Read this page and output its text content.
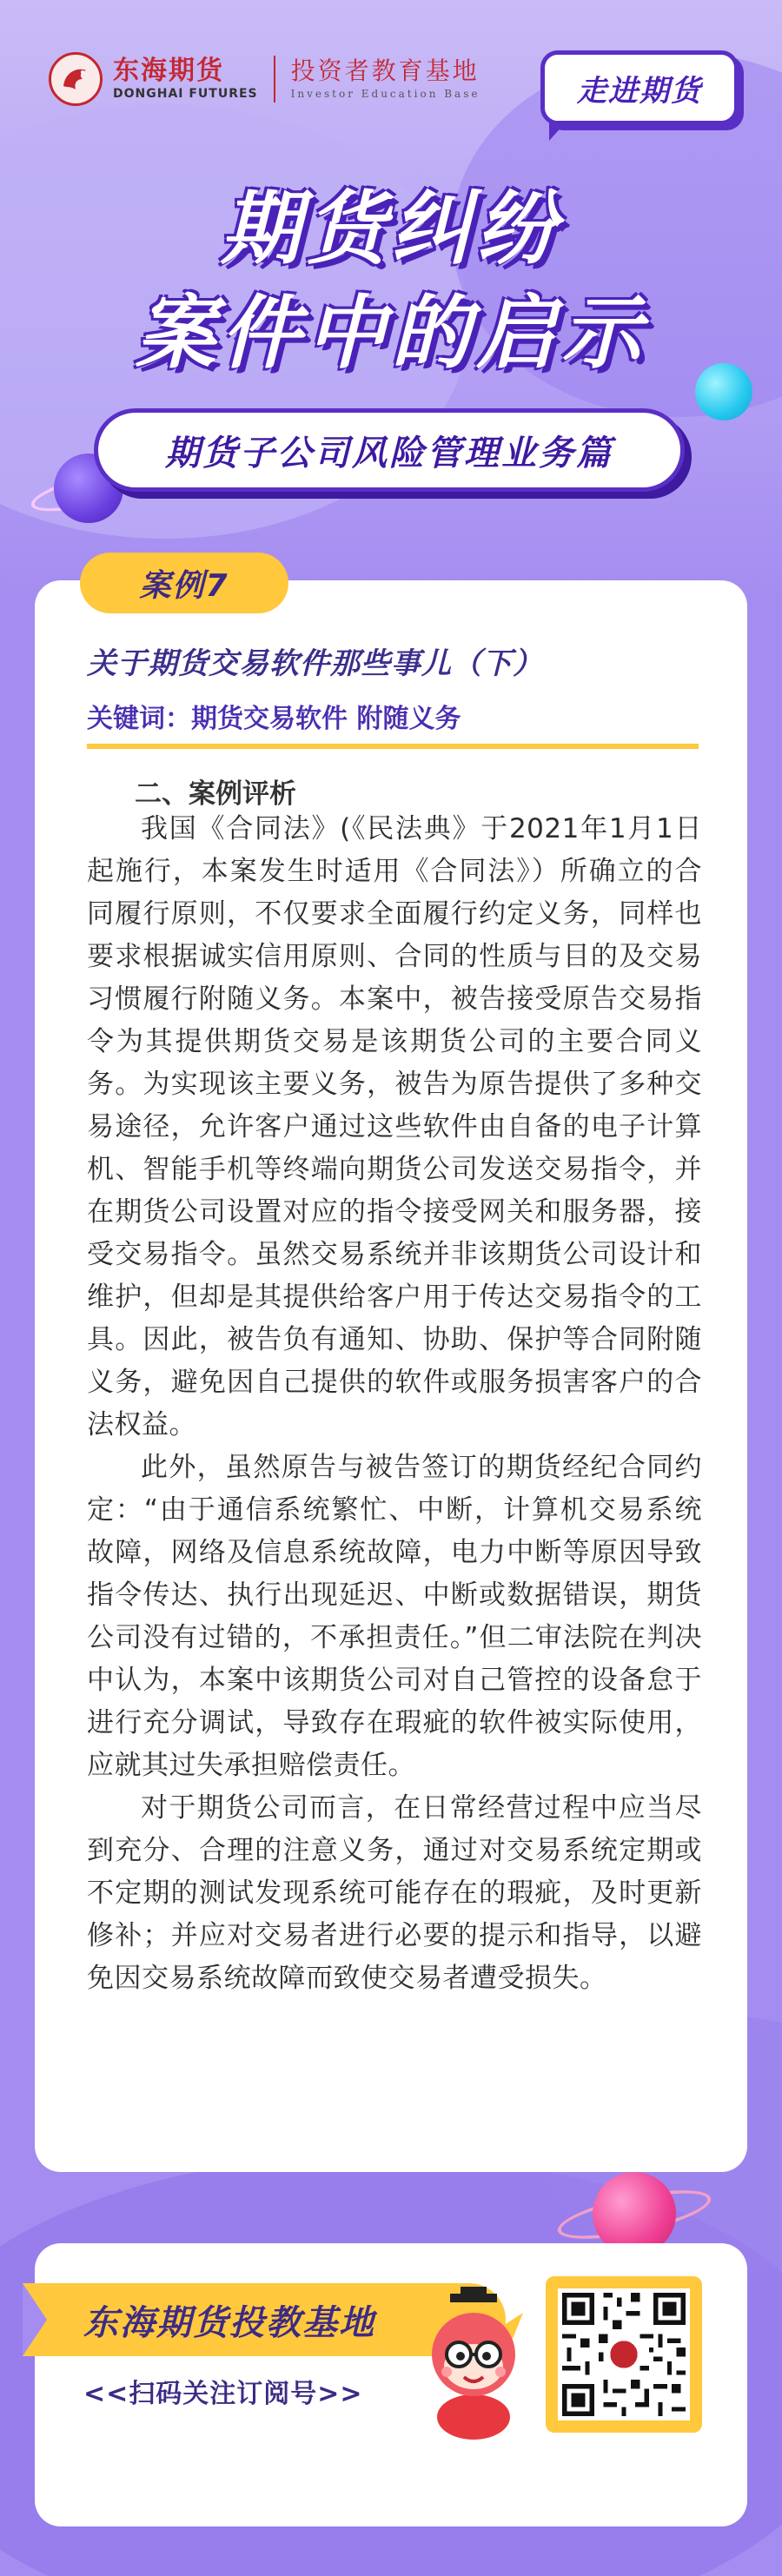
东海期货
DONGHAI FUTURES
投资者教育基地
Investor Education Base	走进期货
期货纠纷
案件中的启示
期货子公司风险管理业务篇
案例7
关于期货交易软件那些事儿（下）
关键词：期货交易软件 附随义务
二、案例评析

我国《合同法》(《民法典》于2021年1月1日起施行，本案发生时适用《合同法》）所确立的合同履行原则，不仅要求全面履行约定义务，同样也要求根据诚实信用原则、合同的性质与目的及交易习惯履行附随义务。本案中，被告接受原告交易指令为其提供期货交易是该期货公司的主要合同义务。为实现该主要义务，被告为原告提供了多种交易途径，允许客户通过这些软件由自备的电子计算机、智能手机等终端向期货公司发送交易指令，并在期货公司设置对应的指令接受网关和服务器，接受交易指令。虽然交易系统并非该期货公司设计和维护，但却是其提供给客户用于传达交易指令的工具。因此，被告负有通知、协助、保护等合同附随义务，避免因自己提供的软件或服务损害客户的合法权益。

此外，虽然原告与被告签订的期货经纪合同约定：“由于通信系统繁忙、中断，计算机交易系统故障，网络及信息系统故障，电力中断等原因导致指令传达、执行出现延迟、中断或数据错误，期货公司没有过错的，不承担责任。”但二审法院在判决中认为，本案中该期货公司对自己管控的设备怠于进行充分调试，导致存在瑕疵的软件被实际使用，应就其过失承担赔偿责任。

对于期货公司而言，在日常经营过程中应当尽到充分、合理的注意义务，通过对交易系统定期或不定期的测试发现系统可能存在的瑕疵，及时更新修补；并应对交易者进行必要的提示和指导，以避免因交易系统故障而致使交易者遭受损失。

东海期货投教基地
<<扫码关注订阅号>>
